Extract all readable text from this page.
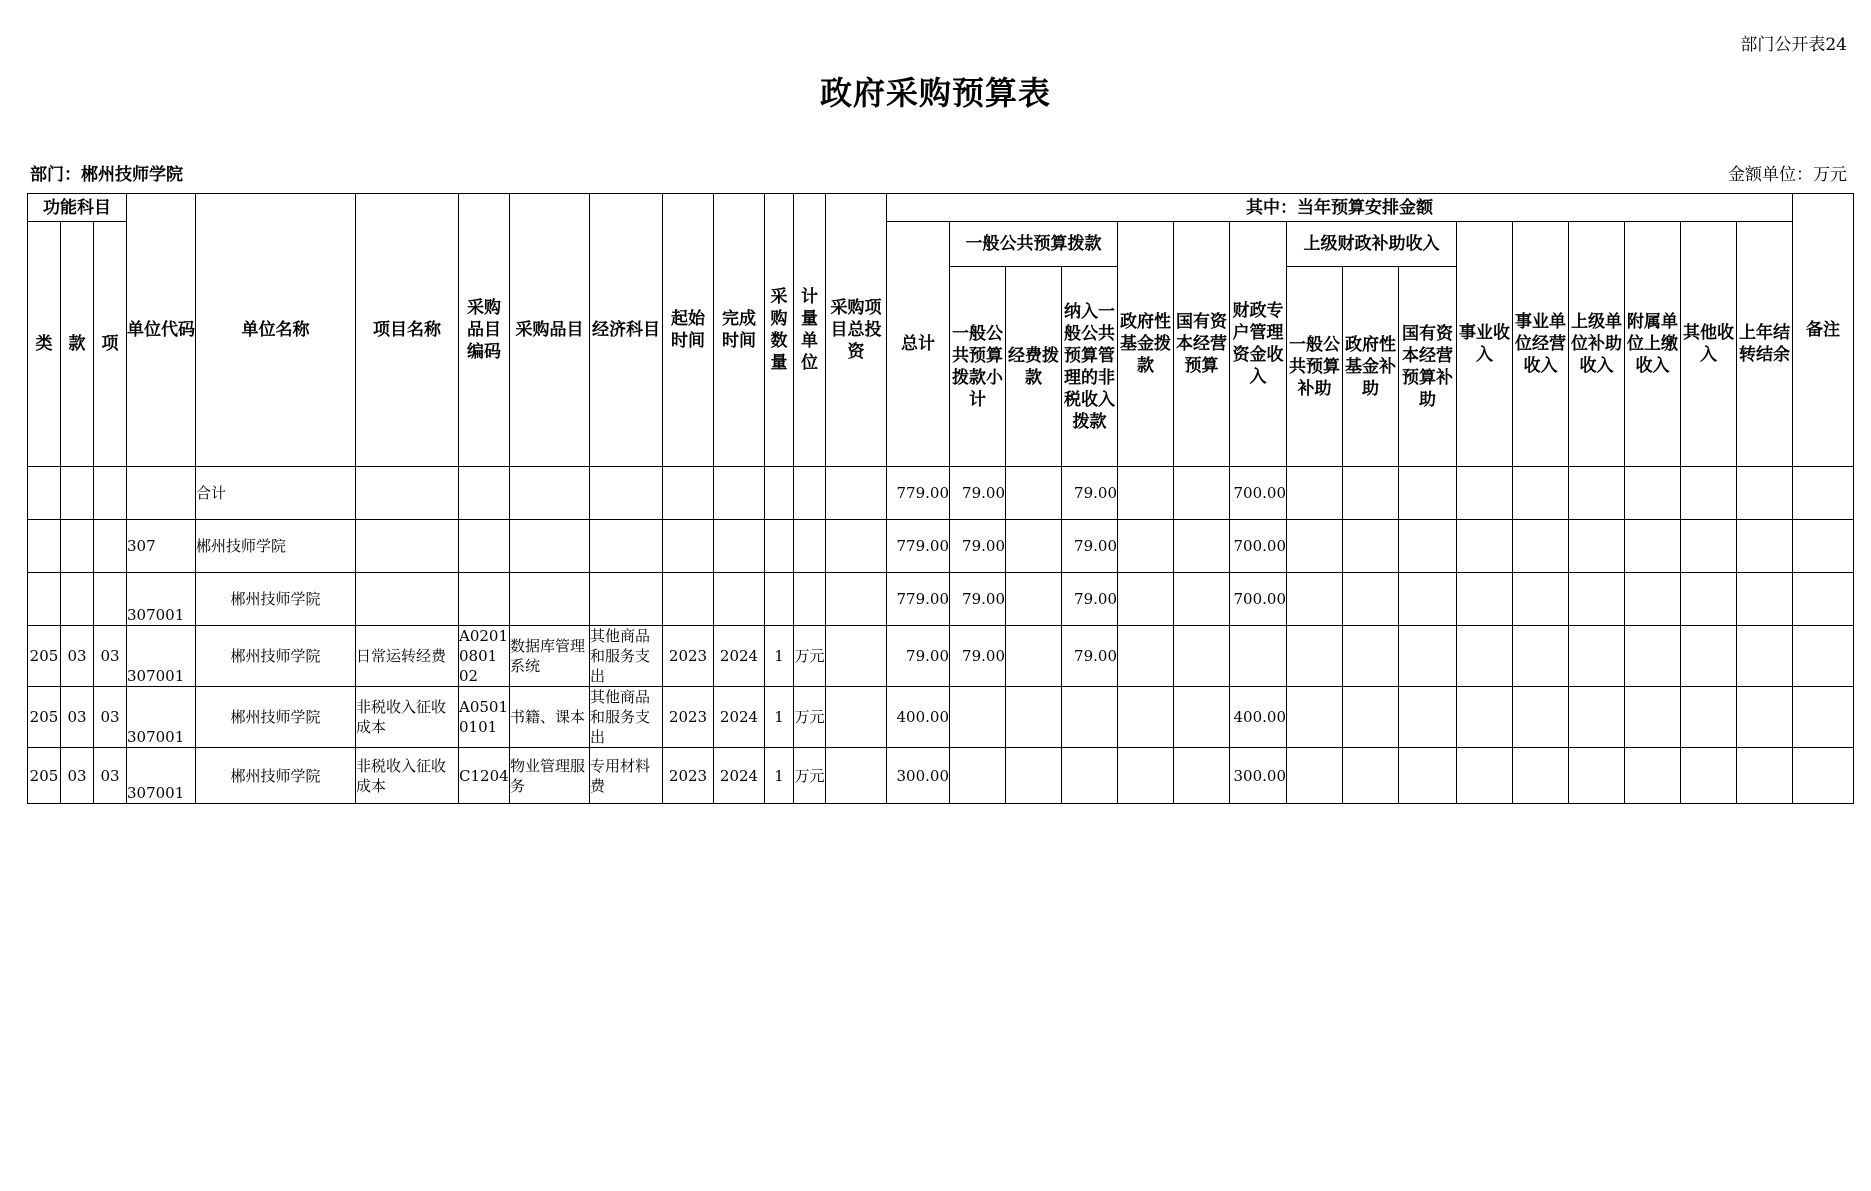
部门公开表24
政府采购预算表
部门：郴州技师学院	金额单位：万元
功能科目			单位代码	单位名称	项目名称	采购品目编码	采购品目	经济科目	起始时间	完成时间	采购数量	计量单位	采购项目总投资	其中：当年预算安排金额																备注
类	款	项												总计	一般公共预算拨款			政府性基金拨款	国有资本经营预算	财政专户管理资金收入	上级财政补助收入			事业收入	事业单位经营收入	上级单位补助收入	附属单位上缴收入	其他收入	上年结转结余	
															一般公共预算拨款小计	经费拨款	纳入一般公共预算管理的非税收入拨款				一般公共预算补助	政府性基金补助	国有资本经营预算补助							
				合计										779.00	79.00		79.00			700.00										
			307	郴州技师学院										779.00	79.00		79.00			700.00										
			307001	郴州技师学院										779.00	79.00		79.00			700.00										
205	03	03	307001	郴州技师学院	日常运转经费	A02010801 02	数据库管理系统	其他商品和服务支出	2023	2024	1	万元		79.00	79.00		79.00													
205	03	03	307001	郴州技师学院	非税收入征收成本	A05010101	书籍、课本	其他商品和服务支出	2023	2024	1	万元		400.00						400.00										
205	03	03	307001	郴州技师学院	非税收入征收成本	C1204	物业管理服务	专用材料费	2023	2024	1	万元		300.00						300.00										
